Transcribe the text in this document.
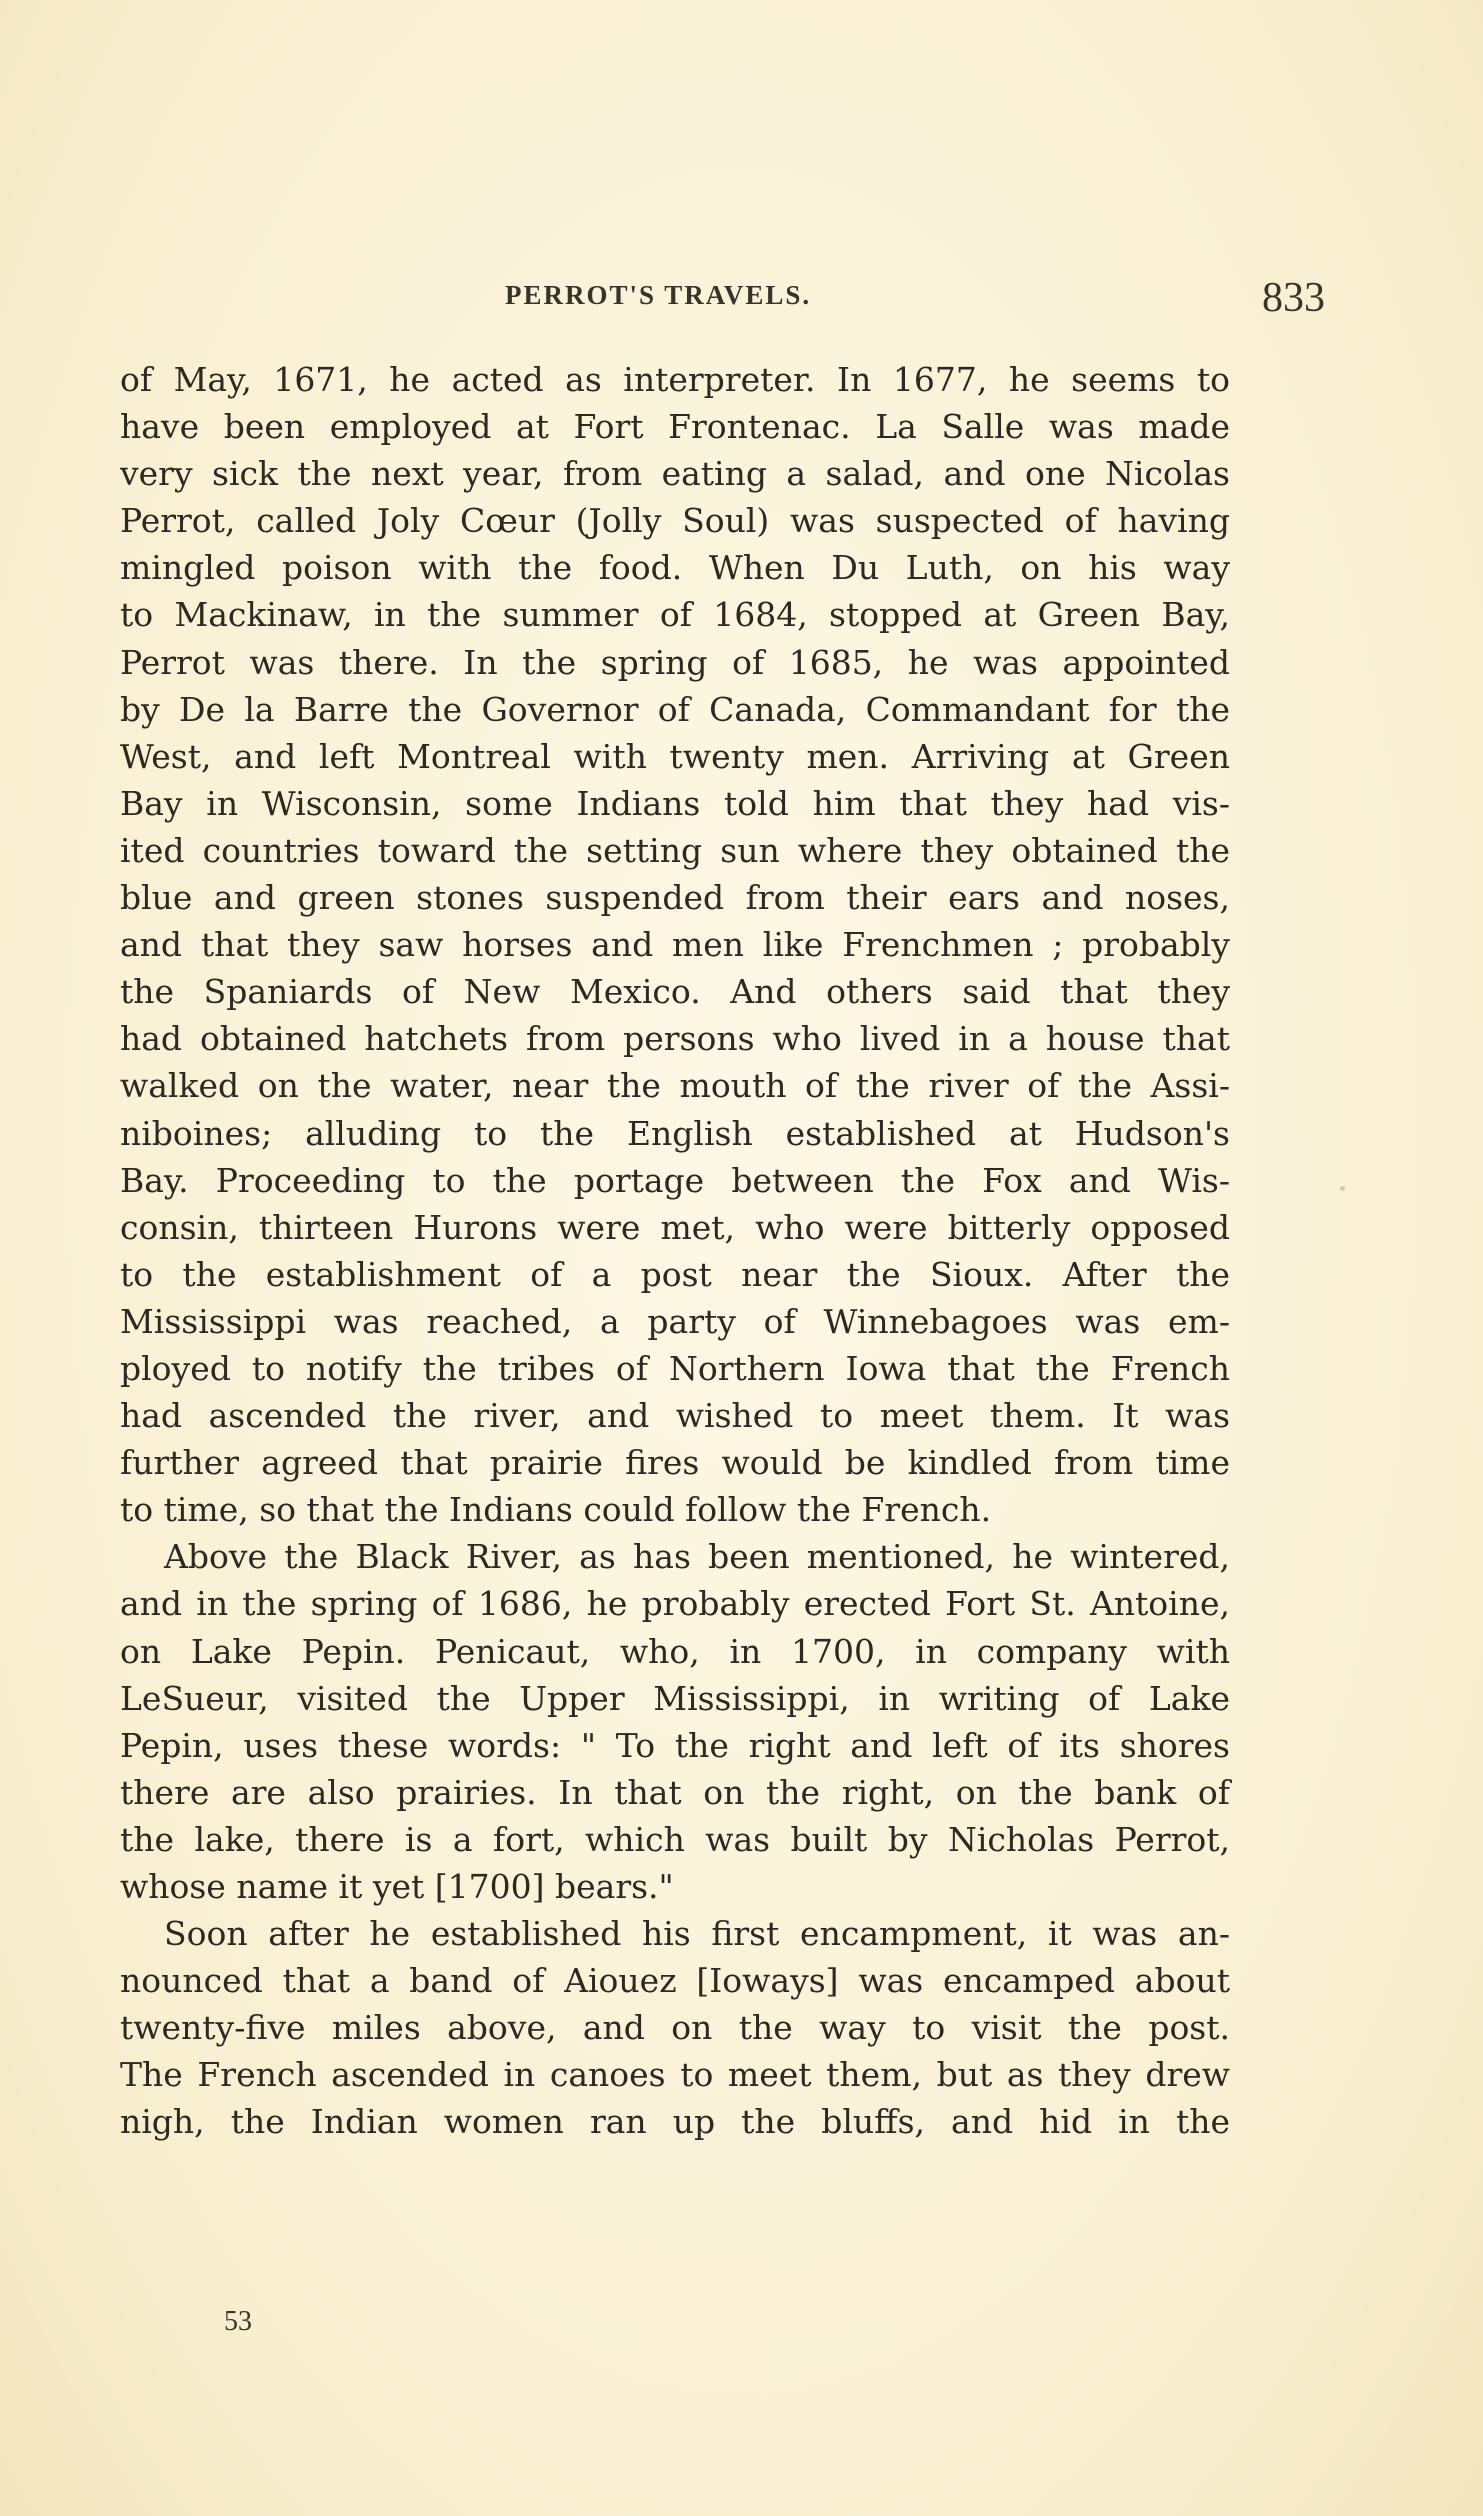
PERROT'S TRAVELS.	833
of May, 1671, he acted as interpreter. In 1677, he seems to
have been employed at Fort Frontenac. La Salle was made
very sick the next year, from eating a salad, and one Nicolas
Perrot, called Joly Cœur (Jolly Soul) was suspected of having
mingled poison with the food. When Du Luth, on his way
to Mackinaw, in the summer of 1684, stopped at Green Bay,
Perrot was there. In the spring of 1685, he was appointed
by De la Barre the Governor of Canada, Commandant for the
West, and left Montreal with twenty men. Arriving at Green
Bay in Wisconsin, some Indians told him that they had vis-
ited countries toward the setting sun where they obtained the
blue and green stones suspended from their ears and noses,
and that they saw horses and men like Frenchmen ; probably
the Spaniards of New Mexico. And others said that they
had obtained hatchets from persons who lived in a house that
walked on the water, near the mouth of the river of the Assi-
niboines; alluding to the English established at Hudson's
Bay. Proceeding to the portage between the Fox and Wis-
consin, thirteen Hurons were met, who were bitterly opposed
to the establishment of a post near the Sioux. After the
Mississippi was reached, a party of Winnebagoes was em-
ployed to notify the tribes of Northern Iowa that the French
had ascended the river, and wished to meet them. It was
further agreed that prairie fires would be kindled from time
to time, so that the Indians could follow the French.
Above the Black River, as has been mentioned, he wintered,
and in the spring of 1686, he probably erected Fort St. Antoine,
on Lake Pepin. Penicaut, who, in 1700, in company with
LeSueur, visited the Upper Mississippi, in writing of Lake
Pepin, uses these words: " To the right and left of its shores
there are also prairies. In that on the right, on the bank of
the lake, there is a fort, which was built by Nicholas Perrot,
whose name it yet [1700] bears."
Soon after he established his first encampment, it was an-
nounced that a band of Aiouez [Ioways] was encamped about
twenty-five miles above, and on the way to visit the post.
The French ascended in canoes to meet them, but as they drew
nigh, the Indian women ran up the bluffs, and hid in the
53
